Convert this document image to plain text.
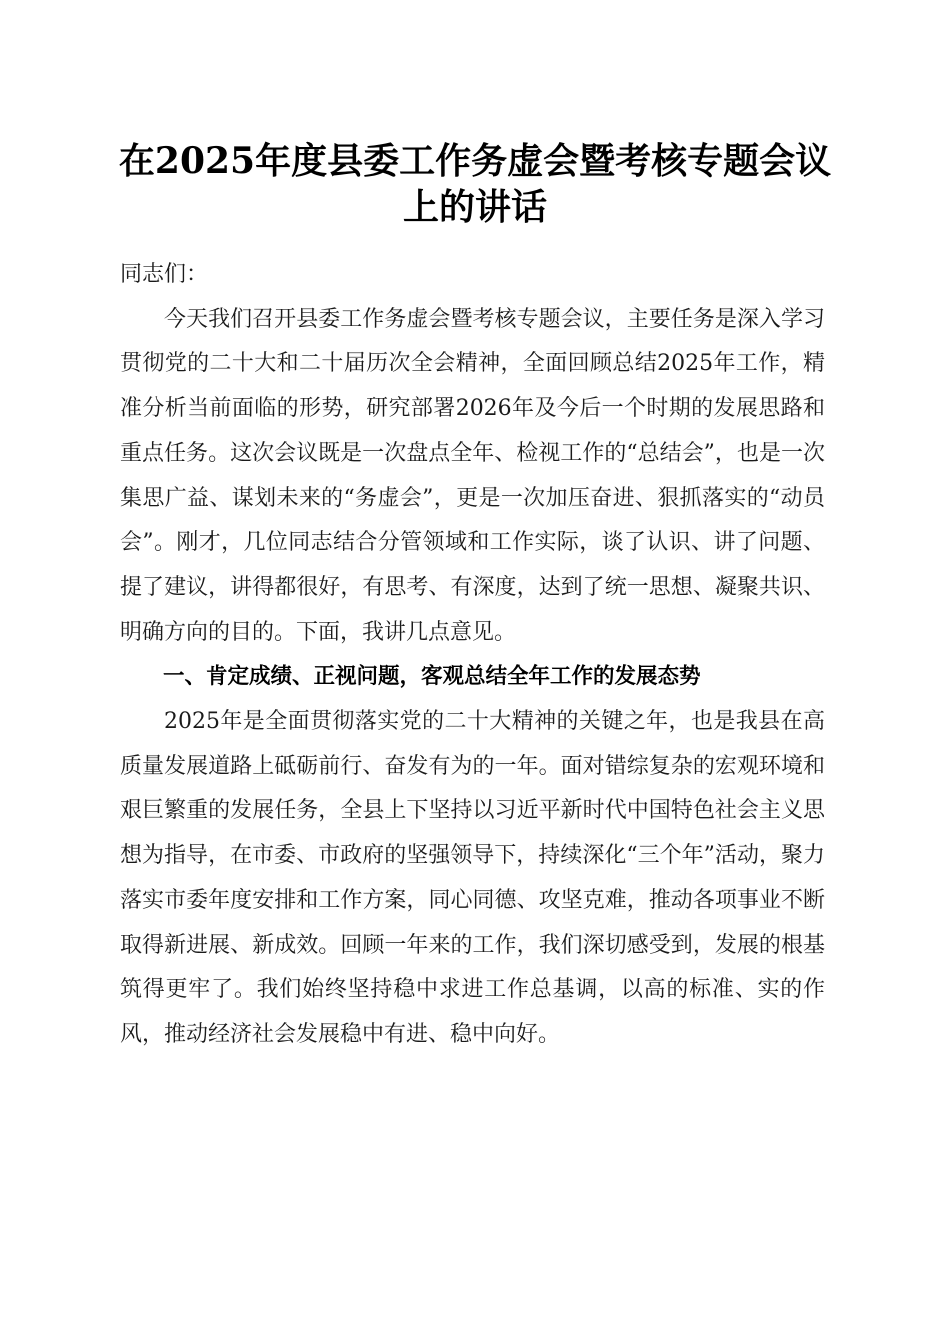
在2025年度县委工作务虚会暨考核专题会议
上的讲话

同志们：

今天我们召开县委工作务虚会暨考核专题会议，主要任务是深入学习贯彻党的二十大和二十届历次全会精神，全面回顾总结2025年工作，精准分析当前面临的形势，研究部署2026年及今后一个时期的发展思路和重点任务。这次会议既是一次盘点全年、检视工作的“总结会”，也是一次集思广益、谋划未来的“务虚会”，更是一次加压奋进、狠抓落实的“动员会”。刚才，几位同志结合分管领域和工作实际，谈了认识、讲了问题、提了建议，讲得都很好，有思考、有深度，达到了统一思想、凝聚共识、明确方向的目的。下面，我讲几点意见。

一、肯定成绩、正视问题，客观总结全年工作的发展态势

2025年是全面贯彻落实党的二十大精神的关键之年，也是我县在高质量发展道路上砥砺前行、奋发有为的一年。面对错综复杂的宏观环境和艰巨繁重的发展任务，全县上下坚持以习近平新时代中国特色社会主义思想为指导，在市委、市政府的坚强领导下，持续深化“三个年”活动，聚力落实市委年度安排和工作方案，同心同德、攻坚克难，推动各项事业不断取得新进展、新成效。回顾一年来的工作，我们深切感受到，发展的根基筑得更牢了。我们始终坚持稳中求进工作总基调，以高的标准、实的作风，推动经济社会发展稳中有进、稳中向好。
